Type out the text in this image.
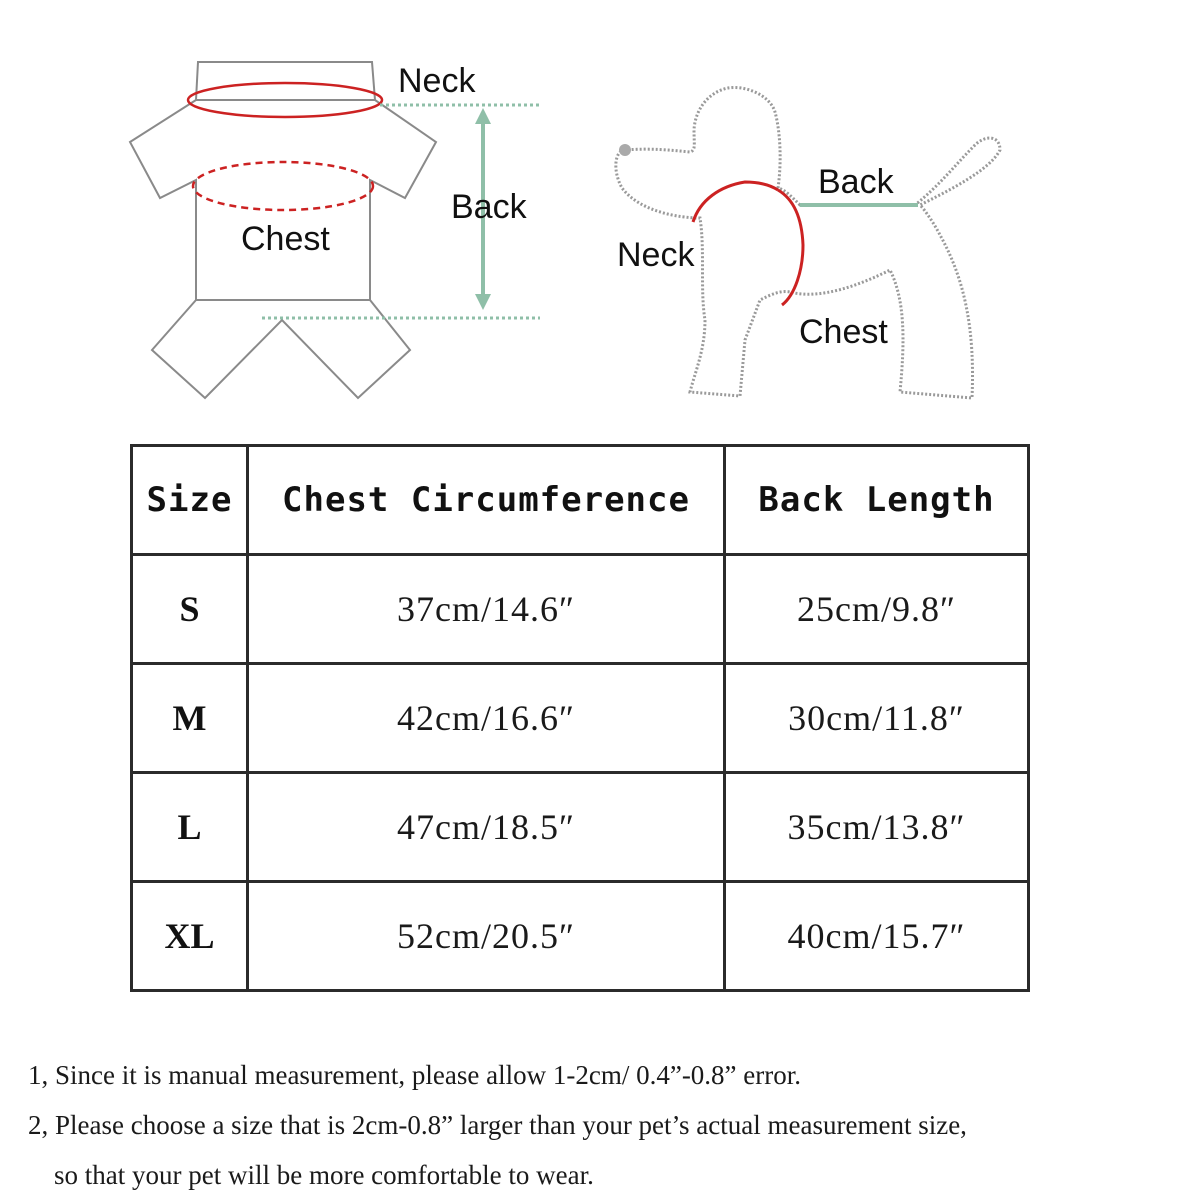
Neck
Back
Chest
Back
Neck
Chest
Size	Chest Circumference	Back Length
S	37cm/14.6″	25cm/9.8″
M	42cm/16.6″	30cm/11.8″
L	47cm/18.5″	35cm/13.8″
XL	52cm/20.5″	40cm/15.7″

1, Since it is manual measurement, please allow 1-2cm/ 0.4”-0.8” error.

2, Please choose a size that is 2cm-0.8” larger than your pet’s actual measurement size,

so that your pet will be more comfortable to wear.
